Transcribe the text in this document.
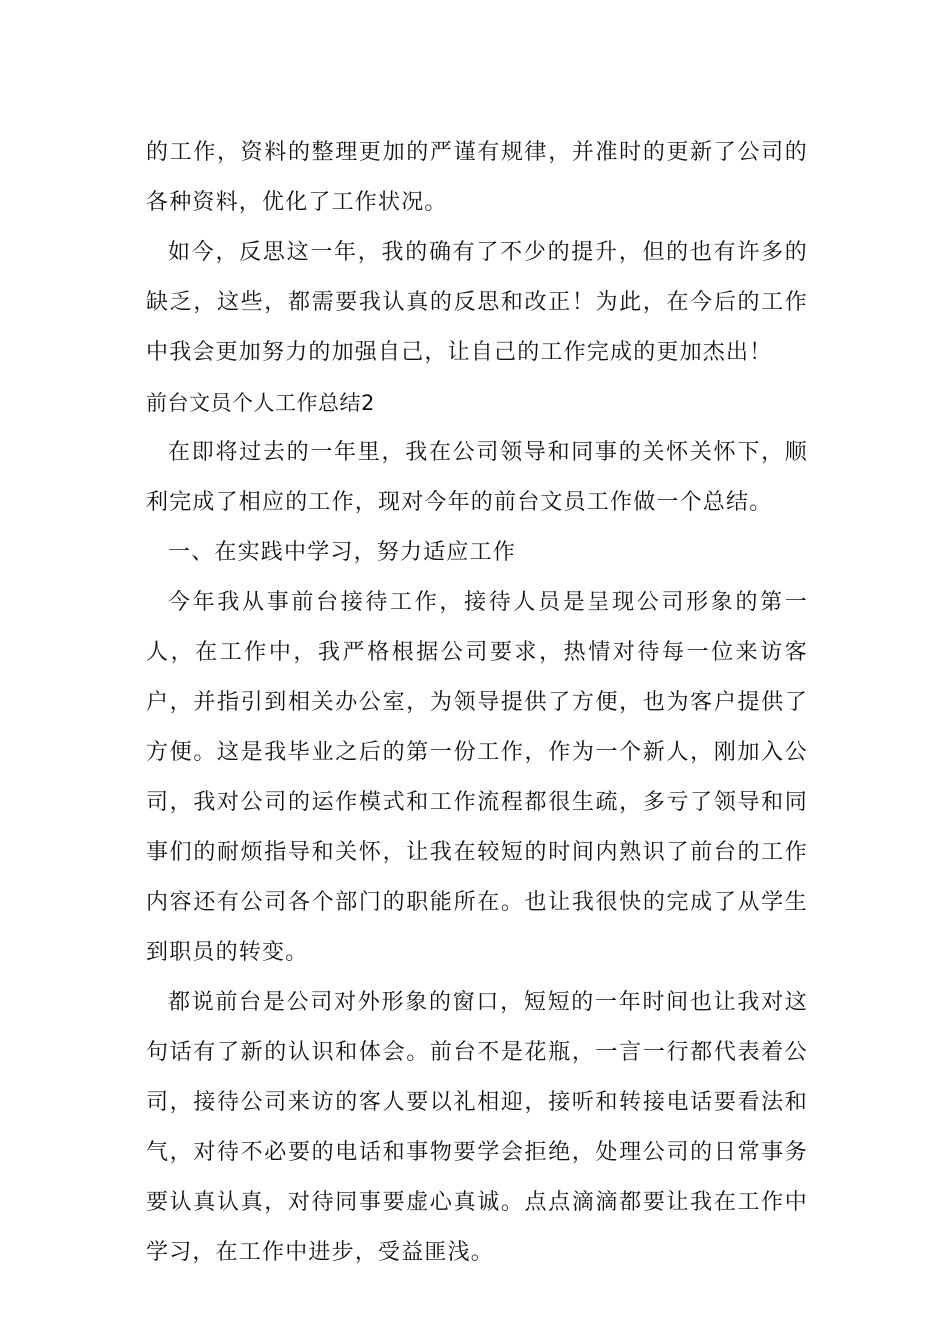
的工作，资料的整理更加的严谨有规律，并准时的更新了公司的各种资料，优化了工作状况。

如今，反思这一年，我的确有了不少的提升，但的也有许多的缺乏，这些，都需要我认真的反思和改正！为此，在今后的工作中我会更加努力的加强自己，让自己的工作完成的更加杰出！

前台文员个人工作总结2

在即将过去的一年里，我在公司领导和同事的关怀关怀下，顺利完成了相应的工作，现对今年的前台文员工作做一个总结。

一、在实践中学习，努力适应工作

今年我从事前台接待工作，接待人员是呈现公司形象的第一人，在工作中，我严格根据公司要求，热情对待每一位来访客户，并指引到相关办公室，为领导提供了方便，也为客户提供了方便。这是我毕业之后的第一份工作，作为一个新人，刚加入公司，我对公司的运作模式和工作流程都很生疏，多亏了领导和同事们的耐烦指导和关怀，让我在较短的时间内熟识了前台的工作内容还有公司各个部门的职能所在。也让我很快的完成了从学生到职员的转变。

都说前台是公司对外形象的窗口，短短的一年时间也让我对这句话有了新的认识和体会。前台不是花瓶，一言一行都代表着公司，接待公司来访的客人要以礼相迎，接听和转接电话要看法和气，对待不必要的电话和事物要学会拒绝，处理公司的日常事务要认真认真，对待同事要虚心真诚。点点滴滴都要让我在工作中学习，在工作中进步，受益匪浅。
